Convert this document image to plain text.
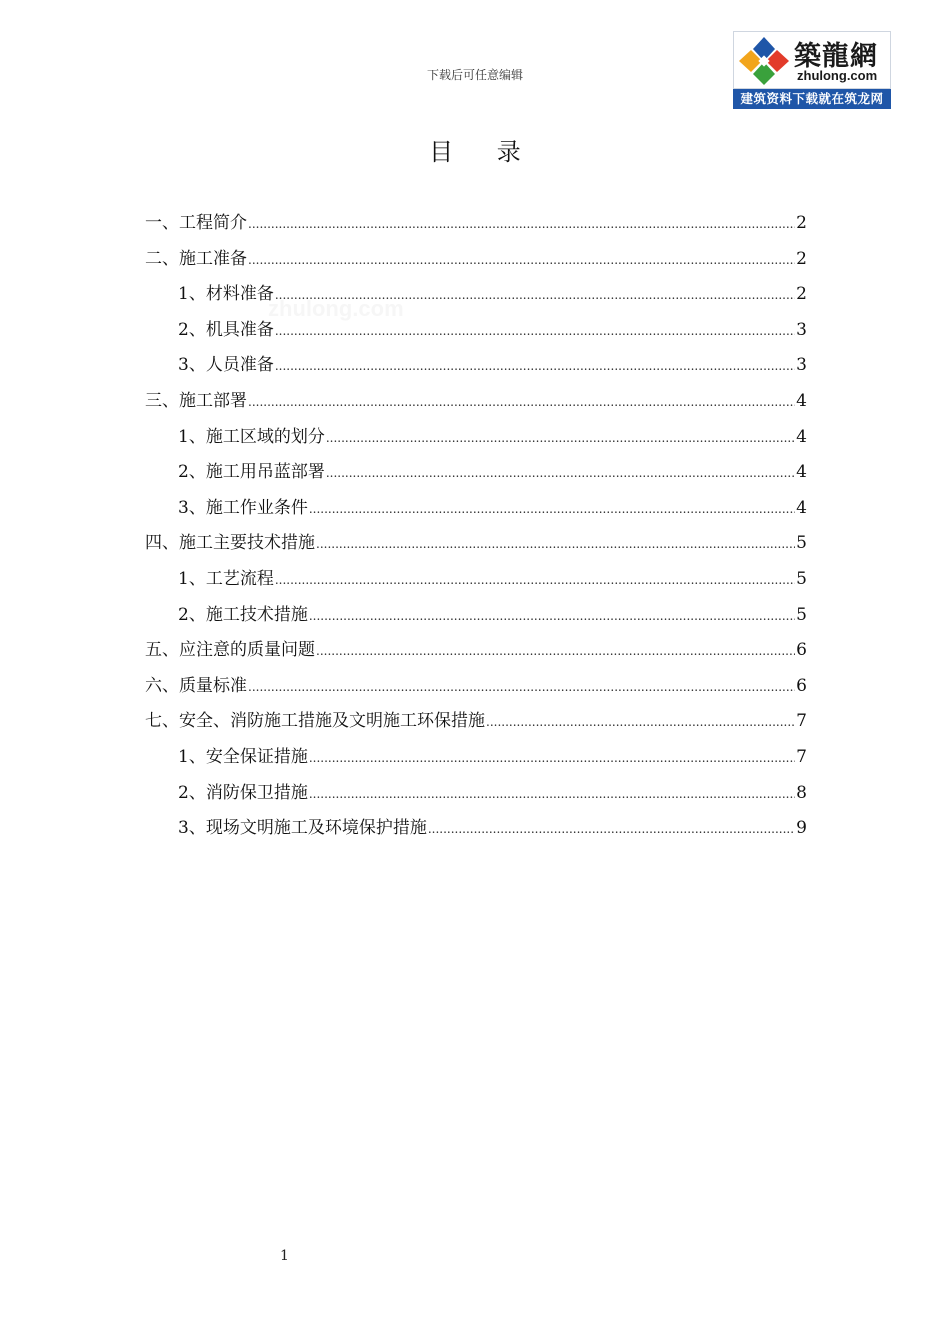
下载后可任意编辑
築龍網
zhulong.com
建筑资料下载就在筑龙网
目 录
zhulong.com
一、工程简介 .....	2
二、施工准备 .....	2
1、材料准备 .....	2
2、机具准备 .....	3
3、人员准备 .....	3
三、施工部署 .....	4
1、施工区域的划分 .....	4
2、施工用吊蓝部署 .....	4
3、施工作业条件 .....	4
四、施工主要技术措施 .....	5
1、工艺流程 .....	5
2、施工技术措施 .....	5
五、应注意的质量问题 .....	6
六、质量标准 .....	6
七、安全、消防施工措施及文明施工环保措施 .....	7
1、安全保证措施 .....	7
2、消防保卫措施 .....	8
3、现场文明施工及环境保护措施 .....	9
1
